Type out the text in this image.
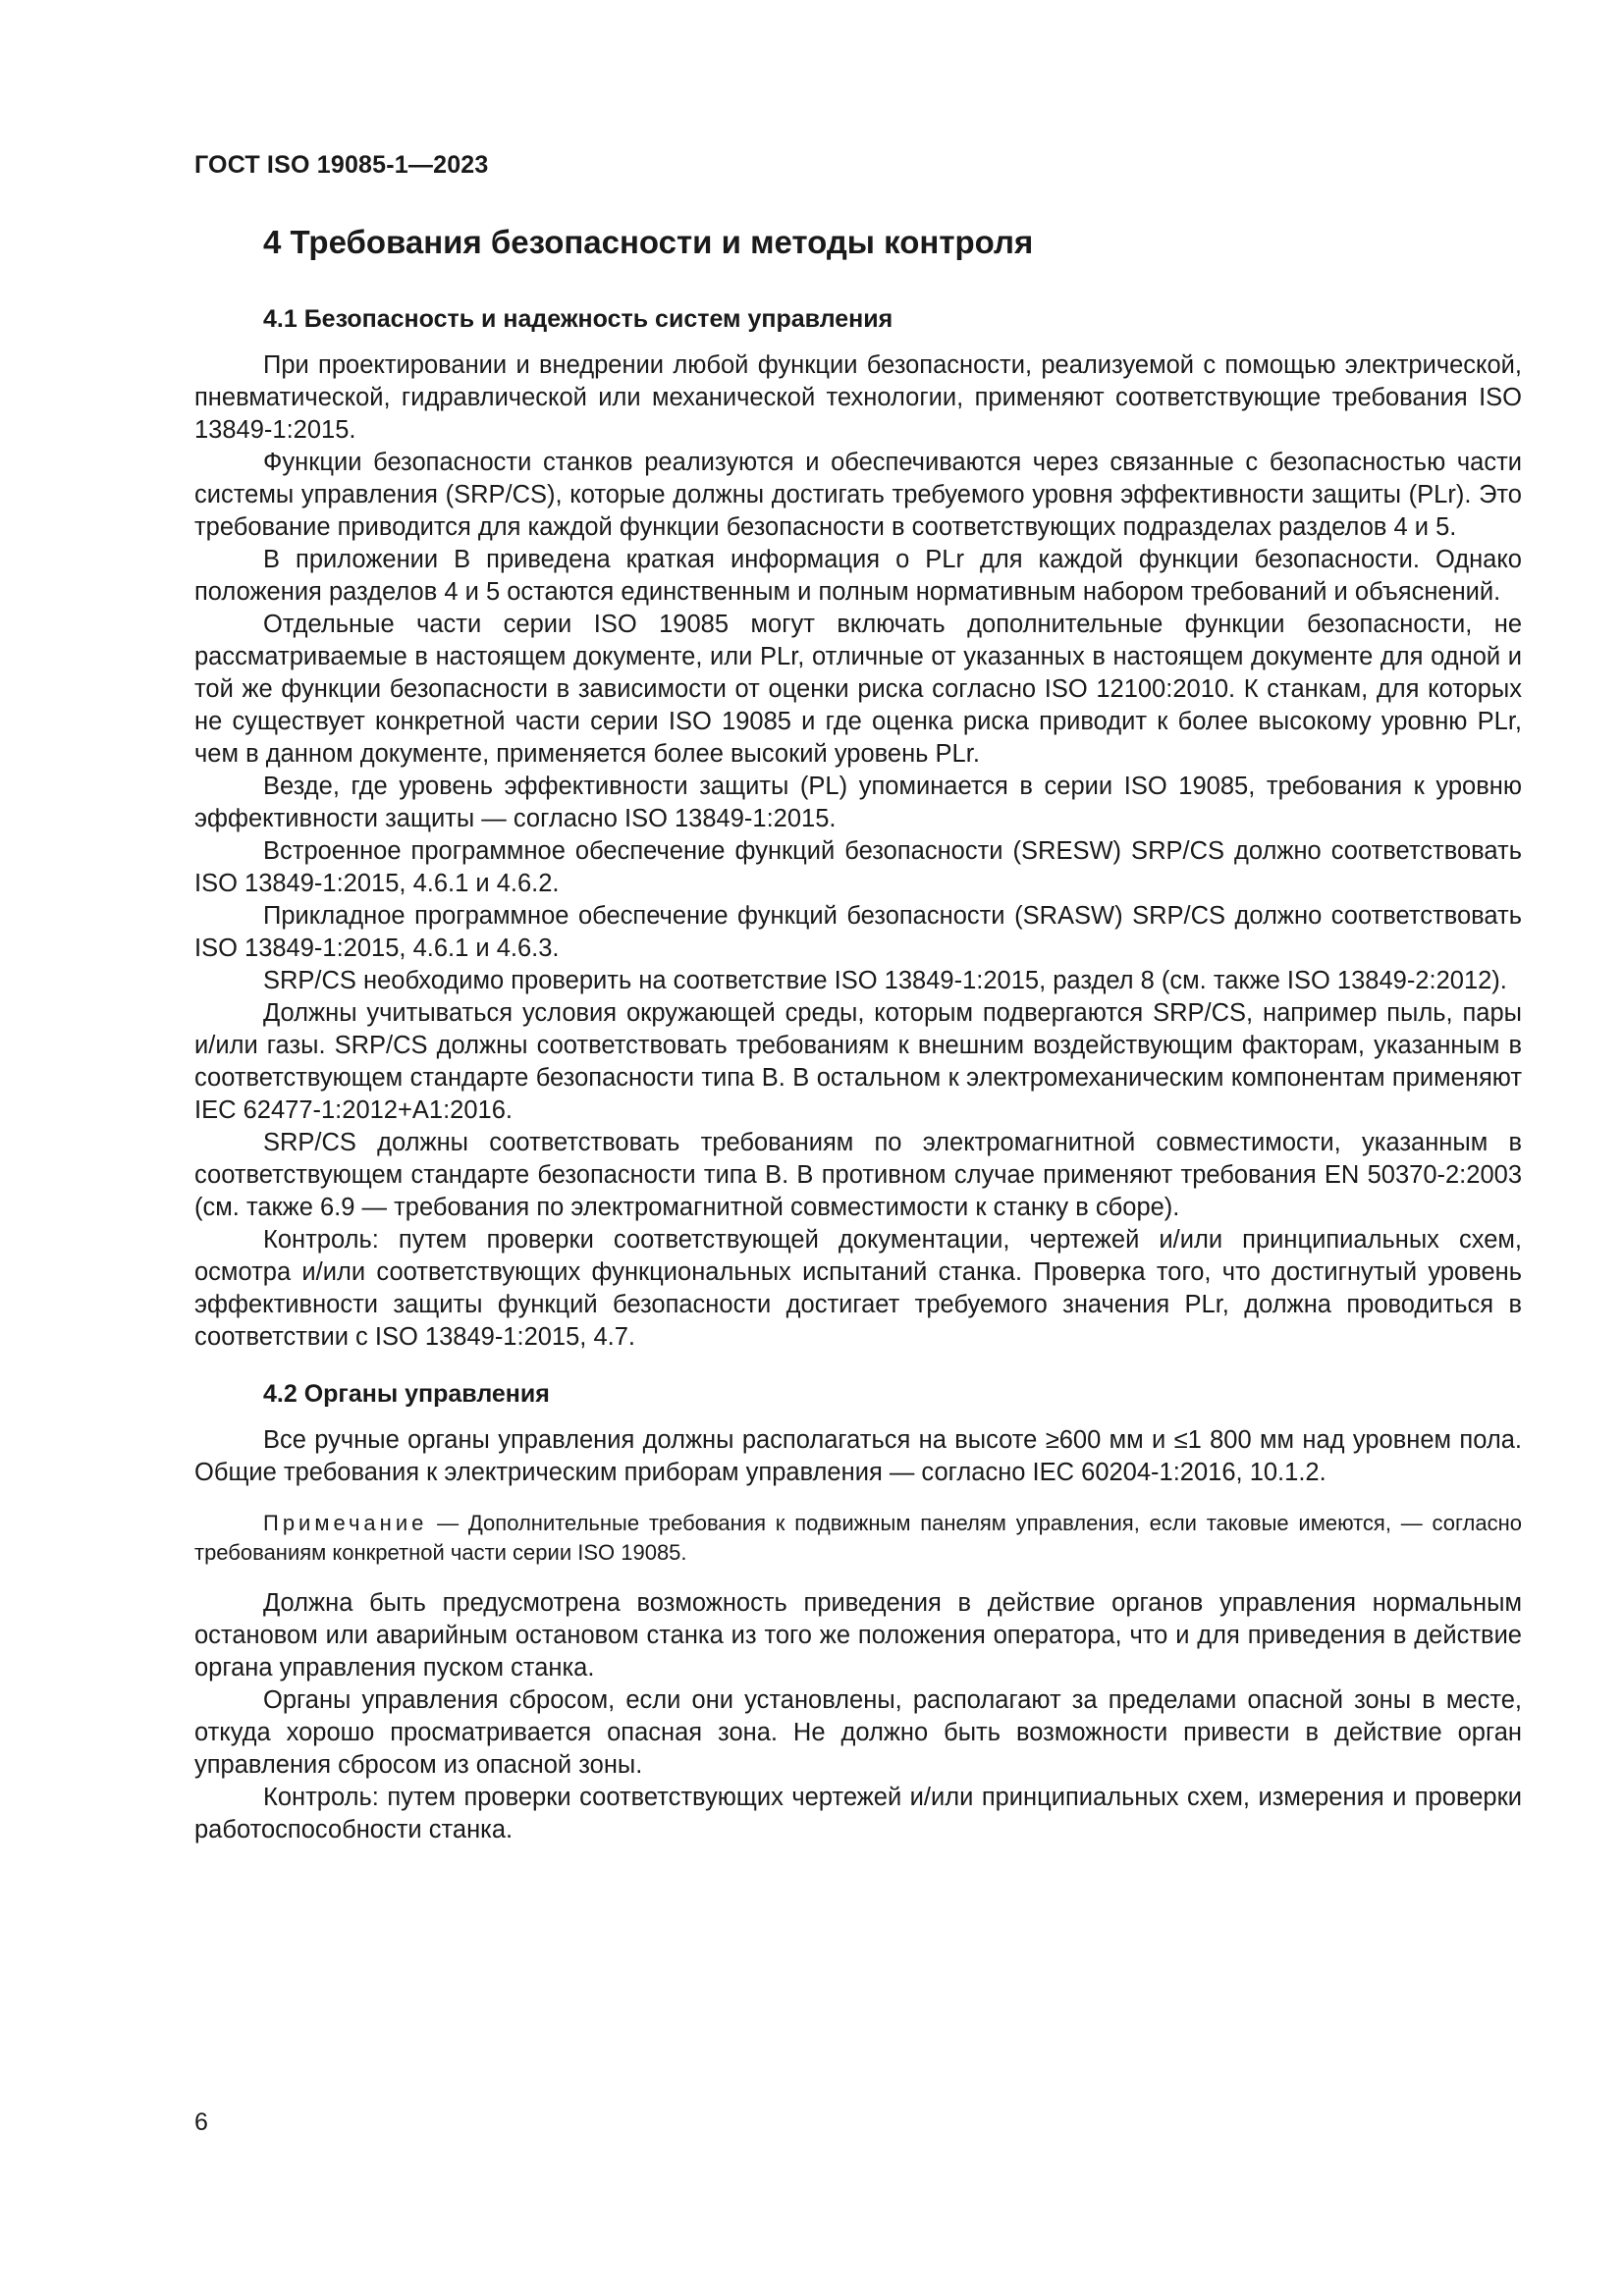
ГОСТ ISO 19085-1—2023
4 Требования безопасности и методы контроля
4.1 Безопасность и надежность систем управления

При проектировании и внедрении любой функции безопасности, реализуемой с помощью электрической, пневматической, гидравлической или механической технологии, применяют соответствующие требования ISO 13849-1:2015.

Функции безопасности станков реализуются и обеспечиваются через связанные с безопасностью части системы управления (SRP/CS), которые должны достигать требуемого уровня эффективности защиты (PLr). Это требование приводится для каждой функции безопасности в соответствующих подразделах разделов 4 и 5.

В приложении B приведена краткая информация о PLr для каждой функции безопасности. Однако положения разделов 4 и 5 остаются единственным и полным нормативным набором требований и объяснений.

Отдельные части серии ISO 19085 могут включать дополнительные функции безопасности, не рассматриваемые в настоящем документе, или PLr, отличные от указанных в настоящем документе для одной и той же функции безопасности в зависимости от оценки риска согласно ISO 12100:2010. К станкам, для которых не существует конкретной части серии ISO 19085 и где оценка риска приводит к более высокому уровню PLr, чем в данном документе, применяется более высокий уровень PLr.

Везде, где уровень эффективности защиты (PL) упоминается в серии ISO 19085, требования к уровню эффективности защиты — согласно ISO 13849-1:2015.

Встроенное программное обеспечение функций безопасности (SRESW) SRP/CS должно соответствовать ISO 13849-1:2015, 4.6.1 и 4.6.2.

Прикладное программное обеспечение функций безопасности (SRASW) SRP/CS должно соответствовать ISO 13849-1:2015, 4.6.1 и 4.6.3.

SRP/CS необходимо проверить на соответствие ISO 13849-1:2015, раздел 8 (см. также ISO 13849-2:2012).

Должны учитываться условия окружающей среды, которым подвергаются SRP/CS, например пыль, пары и/или газы. SRP/CS должны соответствовать требованиям к внешним воздействующим факторам, указанным в соответствующем стандарте безопасности типа В. В остальном к электромеханическим компонентам применяют IEC 62477-1:2012+A1:2016.

SRP/CS должны соответствовать требованиям по электромагнитной совместимости, указанным в соответствующем стандарте безопасности типа В. В противном случае применяют требования EN 50370-2:2003 (см. также 6.9 — требования по электромагнитной совместимости к станку в сборе).

Контроль: путем проверки соответствующей документации, чертежей и/или принципиальных схем, осмотра и/или соответствующих функциональных испытаний станка. Проверка того, что достигнутый уровень эффективности защиты функций безопасности достигает требуемого значения PLr, должна проводиться в соответствии с ISO 13849-1:2015, 4.7.

4.2 Органы управления

Все ручные органы управления должны располагаться на высоте ≥600 мм и ≤1 800 мм над уровнем пола. Общие требования к электрическим приборам управления — согласно IEC 60204-1:2016, 10.1.2.

Примечание — Дополнительные требования к подвижным панелям управления, если таковые имеются, — согласно требованиям конкретной части серии ISO 19085.

Должна быть предусмотрена возможность приведения в действие органов управления нормальным остановом или аварийным остановом станка из того же положения оператора, что и для приведения в действие органа управления пуском станка.

Органы управления сбросом, если они установлены, располагают за пределами опасной зоны в месте, откуда хорошо просматривается опасная зона. Не должно быть возможности привести в действие орган управления сбросом из опасной зоны.

Контроль: путем проверки соответствующих чертежей и/или принципиальных схем, измерения и проверки работоспособности станка.

6
